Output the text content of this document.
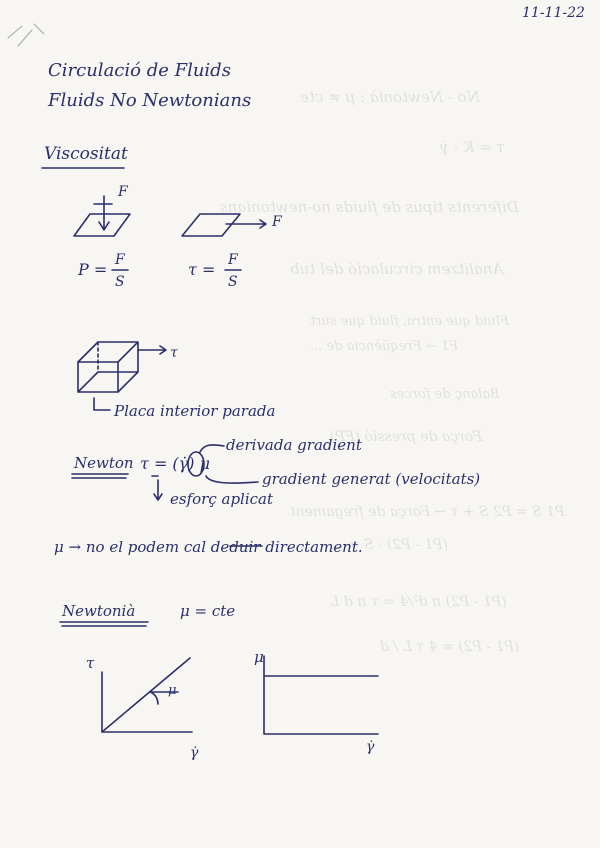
No - Newtonià : μ ≠ cte
τ = K · γ̇
Diferents tipus de fluids no-newtonians
Analitzem circulació del tub
Fluid que entra, fluid que surt
F1 → Freqüència de ...
Balanç de forces
Força de pressió (FP)
P1 S = P2 S + τ → Força de fregament
(P1 - P2) · S = ...
(P1 - P2) π d²/4 = τ π d L
(P1 - P2) = 4 τ L / d
11-11-22
Circulació de Fluids
Fluids No Newtonians
Viscositat
F
F
P = F
S
τ = F
S
τ
Placa interior parada
Newton τ = (γ̇) μ
derivada gradient
gradient generat (velocitats)
esforç aplicat
μ → no el podem cal deduir directament.
Newtonià	μ = cte
τ
γ̇
μ
μ
γ̇
